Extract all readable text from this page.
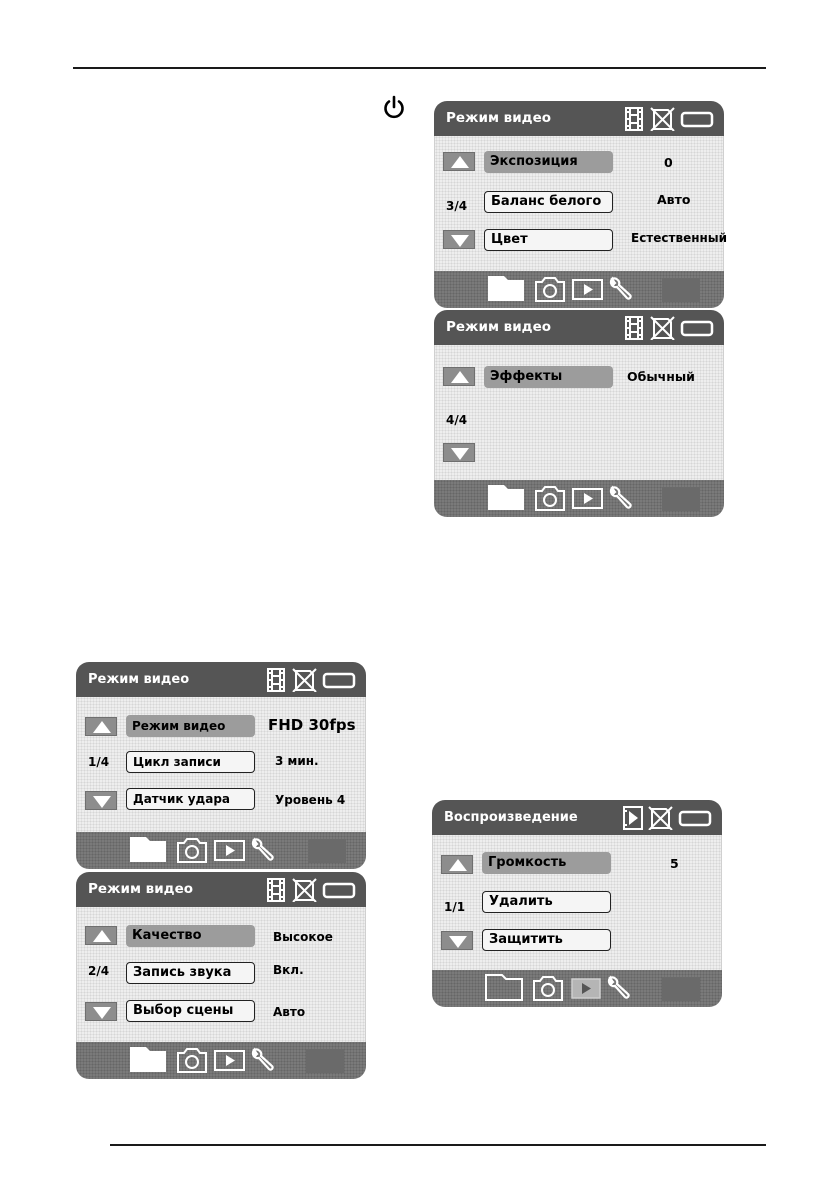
Режим видео
3/4
Экспозиция
Баланс белого
Цвет
0
Авто
Естественный
Режим видео
4/4
Эффекты	Обычный
Режим видео
1/4
Режим видео
Цикл записи
Датчик удара
FHD 30fps
3 мин.
Уровень 4
Режим видео
2/4
Качество
Запись звука
Выбор сцены
Высокое
Вкл.
Авто
Воспроизведение
1/1
Громкость
Удалить
Защитить
5
